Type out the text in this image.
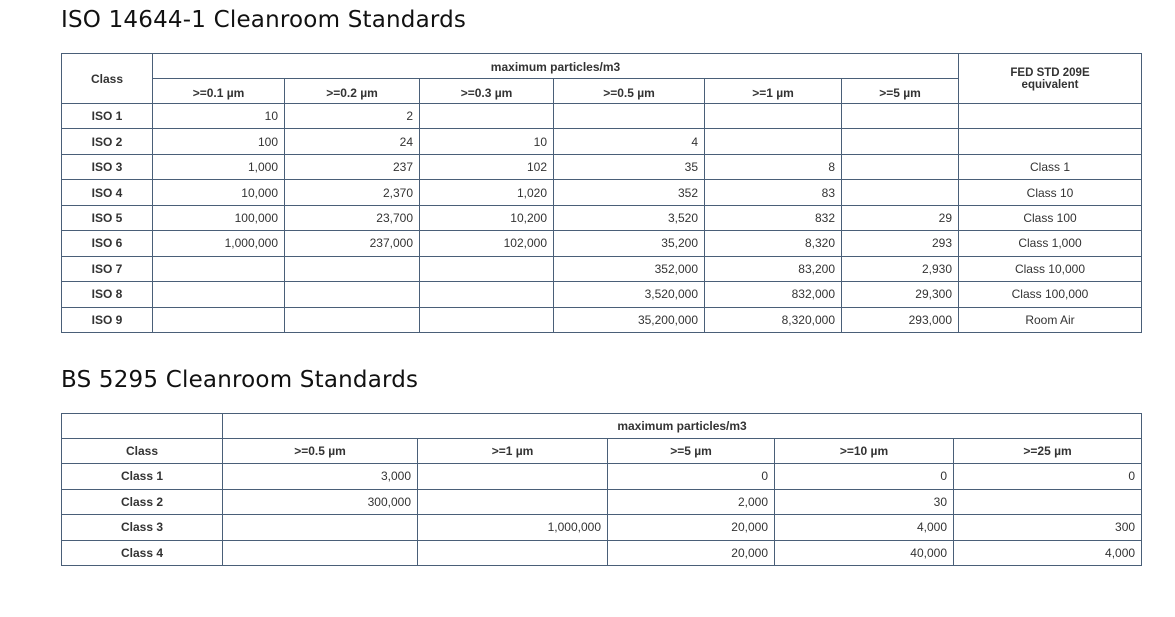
ISO 14644-1 Cleanroom Standards
Class	maximum particles/m3						FED STD 209E
equivalent
	>=0.1 µm	>=0.2 µm	>=0.3 µm	>=0.5 µm	>=1 µm	>=5 µm	
ISO 1	10	2					
ISO 2	100	24	10	4			
ISO 3	1,000	237	102	35	8		Class 1
ISO 4	10,000	2,370	1,020	352	83		Class 10
ISO 5	100,000	23,700	10,200	3,520	832	29	Class 100
ISO 6	1,000,000	237,000	102,000	35,200	8,320	293	Class 1,000
ISO 7				352,000	83,200	2,930	Class 10,000
ISO 8				3,520,000	832,000	29,300	Class 100,000
ISO 9				35,200,000	8,320,000	293,000	Room Air
BS 5295 Cleanroom Standards
	maximum particles/m3				
Class	>=0.5 µm	>=1 µm	>=5 µm	>=10 µm	>=25 µm
Class 1	3,000		0	0	0
Class 2	300,000		2,000	30	
Class 3		1,000,000	20,000	4,000	300
Class 4			20,000	40,000	4,000
